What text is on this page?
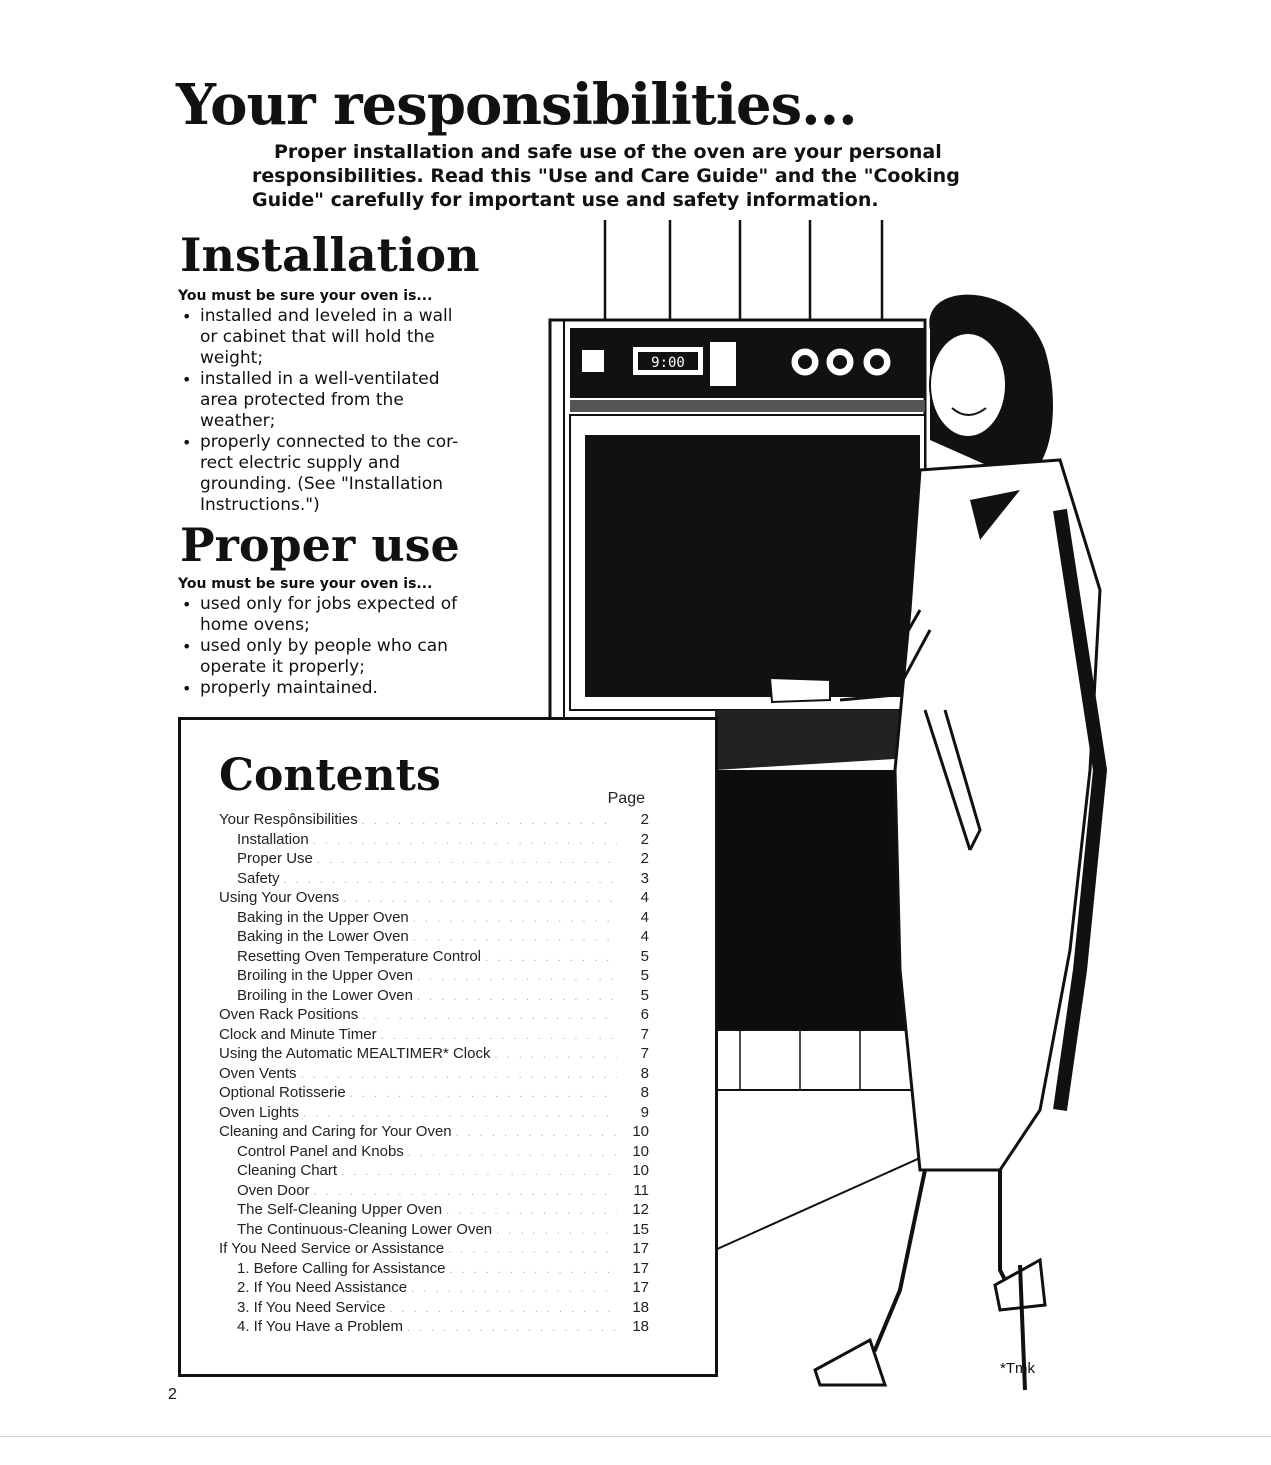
Your responsibilities...

Proper installation and safe use of the oven are your personal
responsibilities. Read this "Use and Care Guide" and the "Cooking
Guide" carefully for important use and safety information.

9:00
Installation

You must be sure your oven is...

• installed and leveled in a wall
or cabinet that will hold the
weight;
• installed in a well-ventilated
area protected from the
weather;
• properly connected to the cor-
rect electric supply and
grounding. (See "Installation
Instructions.")
Proper use

You must be sure your oven is...

• used only for jobs expected of
home ovens;
• used only by people who can
operate it properly;
• properly maintained.
Contents	Page
Your Respônsibilities . . .	2
Installation . . .	2
Proper Use . . .	2
Safety . . .	3
Using Your Ovens . . .	4
Baking in the Upper Oven . . .	4
Baking in the Lower Oven . . .	4
Resetting Oven Temperature Control . . .	5
Broiling in the Upper Oven . . .	5
Broiling in the Lower Oven . . .	5
Oven Rack Positions . . .	6
Clock and Minute Timer . . .	7
Using the Automatic MEALTIMER* Clock . . .	7
Oven Vents . . .	8
Optional Rotisserie . . .	8
Oven Lights . . .	9
Cleaning and Caring for Your Oven . . .	10
Control Panel and Knobs . . .	10
Cleaning Chart . . .	10
Oven Door . . .	11
The Self-Cleaning Upper Oven . . .	12
The Continuous-Cleaning Lower Oven . . .	15
If You Need Service or Assistance . . .	17
1. Before Calling for Assistance . . .	17
2. If You Need Assistance . . .	17
3. If You Need Service . . .	18
4. If You Have a Problem . . .	18
2
*Tmk
